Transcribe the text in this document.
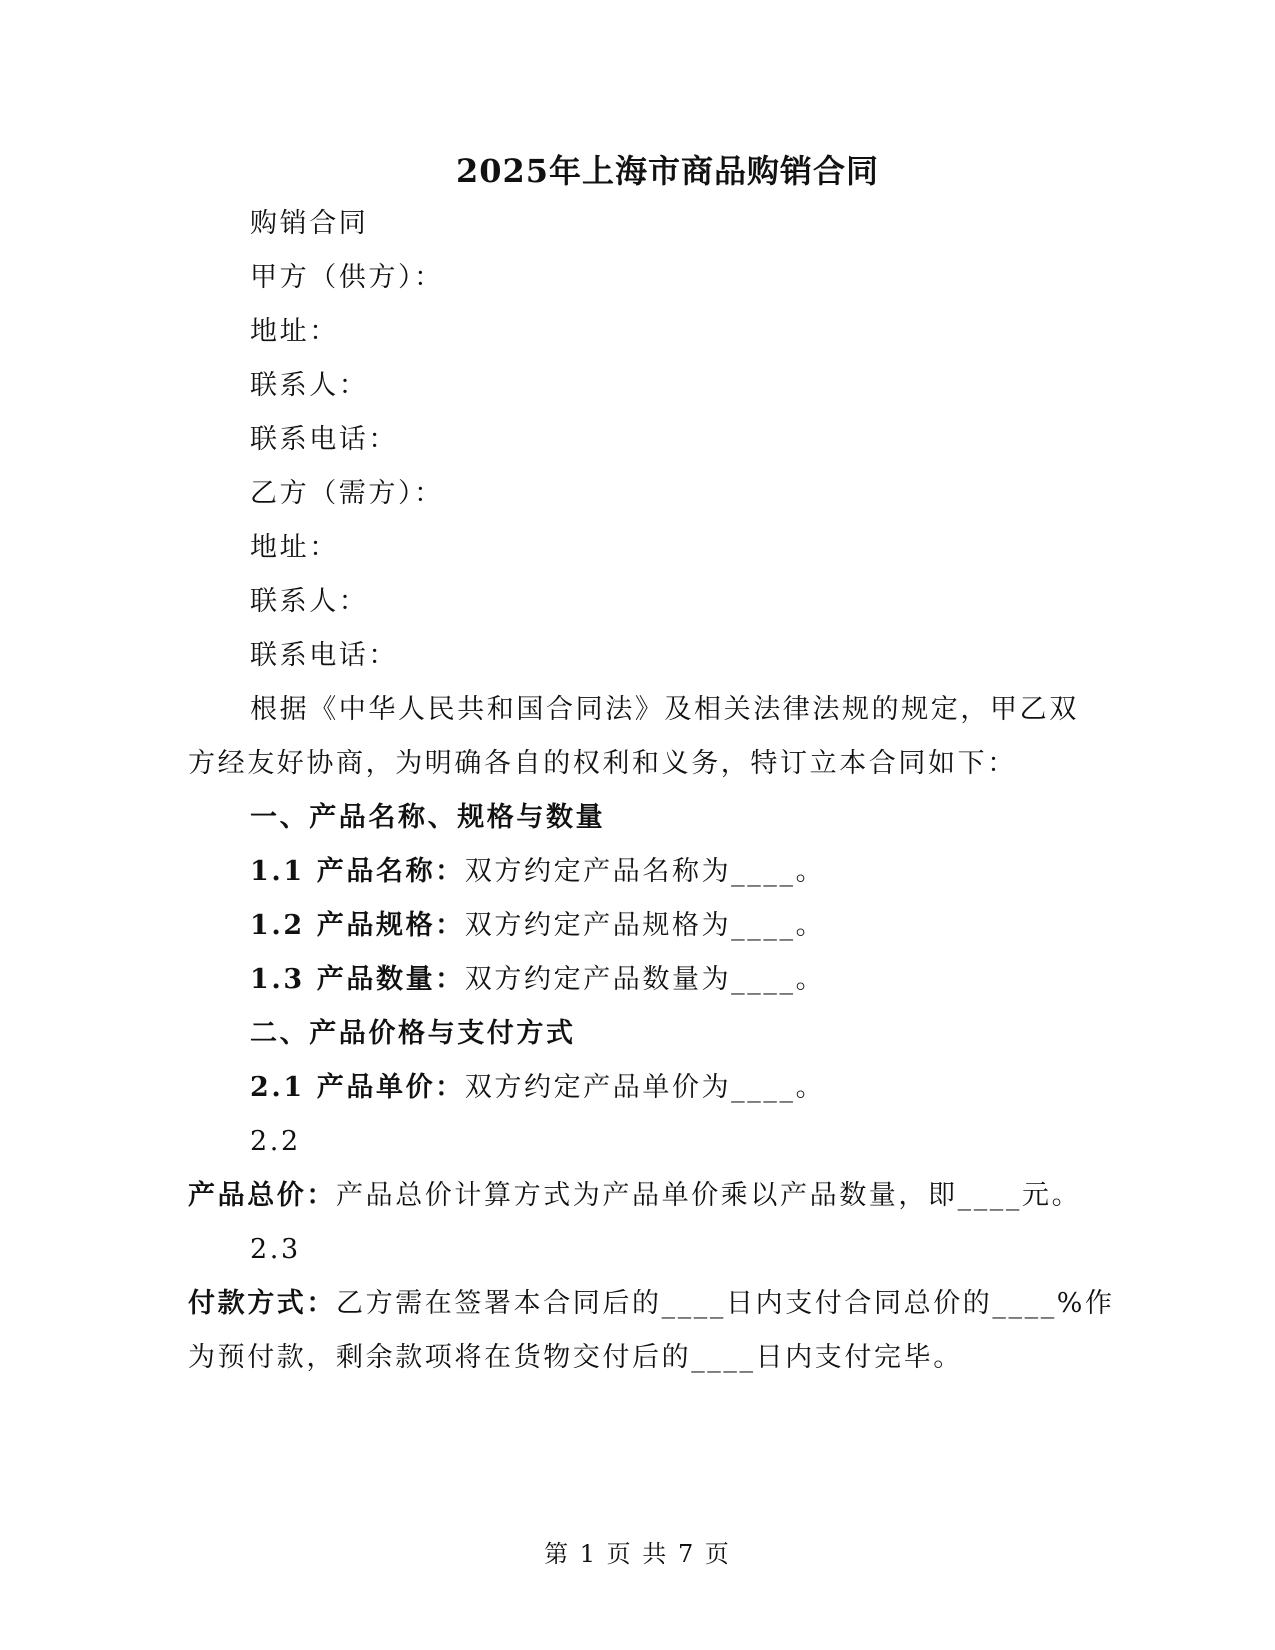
2025年上海市商品购销合同
购销合同
甲方（供方）：
地址：
联系人：
联系电话：
乙方（需方）：
地址：
联系人：
联系电话：
根据《中华人民共和国合同法》及相关法律法规的规定，甲乙双
方经友好协商，为明确各自的权利和义务，特订立本合同如下：
一、产品名称、规格与数量
1.1 产品名称：双方约定产品名称为____。
1.2 产品规格：双方约定产品规格为____。
1.3 产品数量：双方约定产品数量为____。
二、产品价格与支付方式
2.1 产品单价：双方约定产品单价为____。
2.2
产品总价：产品总价计算方式为产品单价乘以产品数量，即____元。
2.3
付款方式：乙方需在签署本合同后的____日内支付合同总价的____%作
为预付款，剩余款项将在货物交付后的____日内支付完毕。
第 1 页 共 7 页
